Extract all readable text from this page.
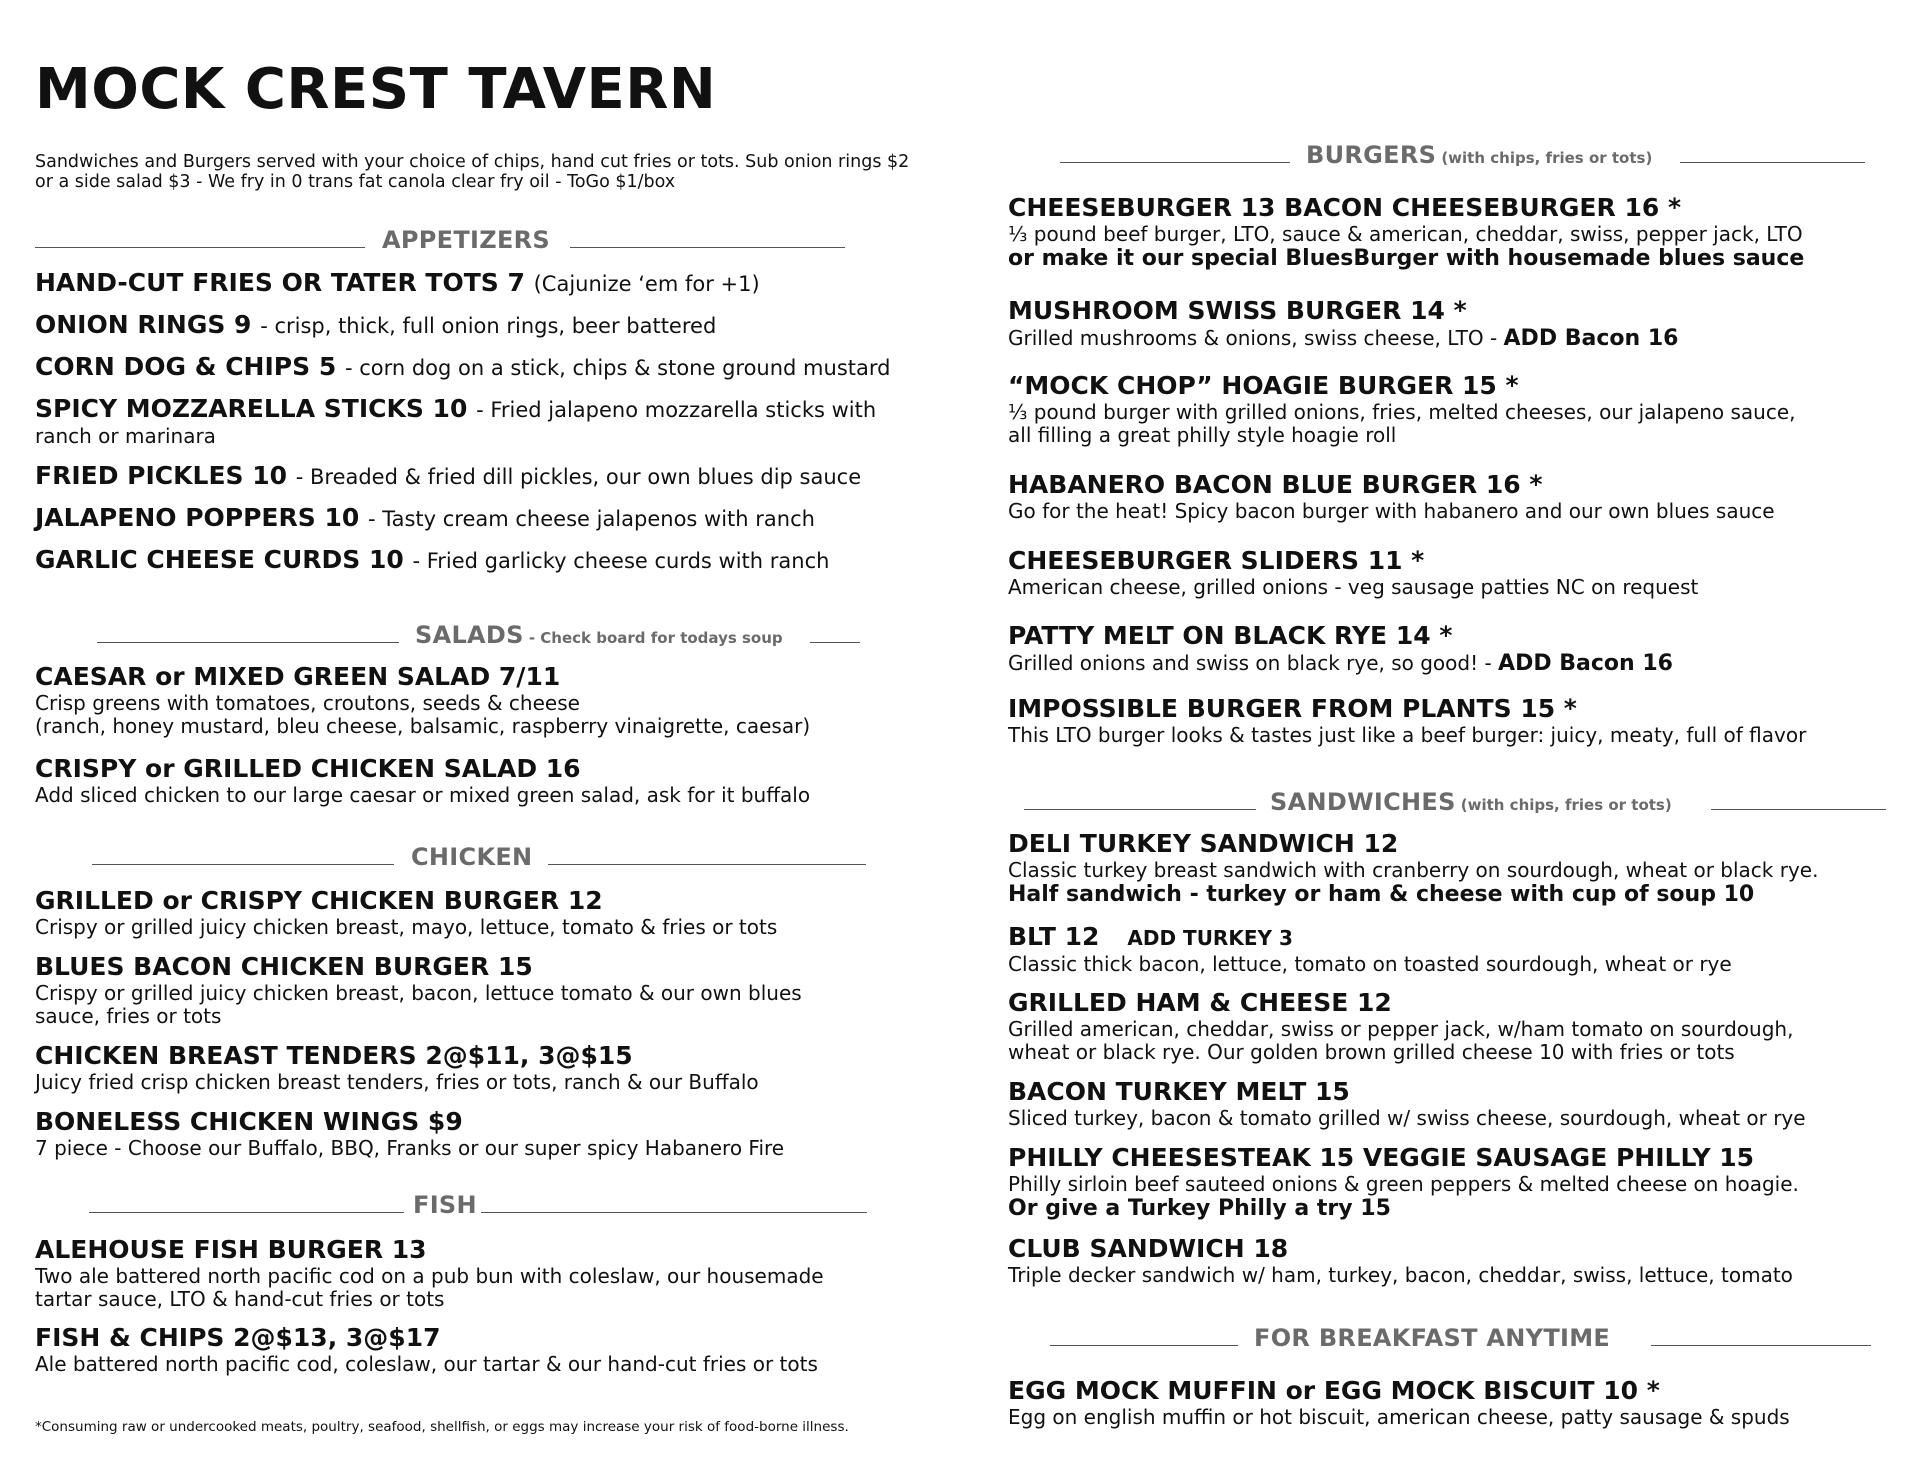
MOCK CREST TAVERN

Sandwiches and Burgers served with your choice of chips, hand cut fries or tots. Sub onion rings $2 or a side salad $3 - We fry in 0 trans fat canola clear fry oil - ToGo $1/box

APPETIZERS
HAND-CUT FRIES OR TATER TOTS 7 (Cajunize ‘em for +1)
ONION RINGS 9 - crisp, thick, full onion rings, beer battered
CORN DOG & CHIPS 5 - corn dog on a stick, chips & stone ground mustard
SPICY MOZZARELLA STICKS 10 - Fried jalapeno mozzarella sticks with

ranch or marinara

FRIED PICKLES 10 - Breaded & fried dill pickles, our own blues dip sauce
JALAPENO POPPERS 10 - Tasty cream cheese jalapenos with ranch
GARLIC CHEESE CURDS 10 - Fried garlicky cheese curds with ranch
SALADS - Check board for todays soup
CAESAR or MIXED GREEN SALAD 7/11

Crisp greens with tomatoes, croutons, seeds & cheese

(ranch, honey mustard, bleu cheese, balsamic, raspberry vinaigrette, caesar)

CRISPY or GRILLED CHICKEN SALAD 16

Add sliced chicken to our large caesar or mixed green salad, ask for it buffalo

CHICKEN
GRILLED or CRISPY CHICKEN BURGER 12

Crispy or grilled juicy chicken breast, mayo, lettuce, tomato & fries or tots

BLUES BACON CHICKEN BURGER 15

Crispy or grilled juicy chicken breast, bacon, lettuce tomato & our own blues

sauce, fries or tots

CHICKEN BREAST TENDERS 2@$11, 3@$15

Juicy fried crisp chicken breast tenders, fries or tots, ranch & our Buffalo

BONELESS CHICKEN WINGS $9

7 piece - Choose our Buffalo, BBQ, Franks or our super spicy Habanero Fire

FISH
ALEHOUSE FISH BURGER 13

Two ale battered north pacific cod on a pub bun with coleslaw, our housemade

tartar sauce, LTO & hand-cut fries or tots

FISH & CHIPS 2@$13, 3@$17

Ale battered north pacific cod, coleslaw, our tartar & our hand-cut fries or tots

*Consuming raw or undercooked meats, poultry, seafood, shellfish, or eggs may increase your risk of food-borne illness.
BURGERS (with chips, fries or tots)
CHEESEBURGER 13 BACON CHEESEBURGER 16 *

⅓ pound beef burger, LTO, sauce & american, cheddar, swiss, pepper jack, LTO

or make it our special BluesBurger with housemade blues sauce
MUSHROOM SWISS BURGER 14 *

Grilled mushrooms & onions, swiss cheese, LTO - ADD Bacon 16

“MOCK CHOP” HOAGIE BURGER 15 *

⅓ pound burger with grilled onions, fries, melted cheeses, our jalapeno sauce,

all filling a great philly style hoagie roll

HABANERO BACON BLUE BURGER 16 *

Go for the heat! Spicy bacon burger with habanero and our own blues sauce

CHEESEBURGER SLIDERS 11 *

American cheese, grilled onions - veg sausage patties NC on request

PATTY MELT ON BLACK RYE 14 *

Grilled onions and swiss on black rye, so good! - ADD Bacon 16

IMPOSSIBLE BURGER FROM PLANTS 15 *

This LTO burger looks & tastes just like a beef burger: juicy, meaty, full of flavor

SANDWICHES (with chips, fries or tots)
DELI TURKEY SANDWICH 12

Classic turkey breast sandwich with cranberry on sourdough, wheat or black rye.

Half sandwich - turkey or ham & cheese with cup of soup 10
BLT 12 ADD TURKEY 3

Classic thick bacon, lettuce, tomato on toasted sourdough, wheat or rye

GRILLED HAM & CHEESE 12

Grilled american, cheddar, swiss or pepper jack, w/ham tomato on sourdough,

wheat or black rye. Our golden brown grilled cheese 10 with fries or tots

BACON TURKEY MELT 15

Sliced turkey, bacon & tomato grilled w/ swiss cheese, sourdough, wheat or rye

PHILLY CHEESESTEAK 15 VEGGIE SAUSAGE PHILLY 15

Philly sirloin beef sauteed onions & green peppers & melted cheese on hoagie.

Or give a Turkey Philly a try 15
CLUB SANDWICH 18

Triple decker sandwich w/ ham, turkey, bacon, cheddar, swiss, lettuce, tomato

FOR BREAKFAST ANYTIME
EGG MOCK MUFFIN or EGG MOCK BISCUIT 10 *

Egg on english muffin or hot biscuit, american cheese, patty sausage & spuds
